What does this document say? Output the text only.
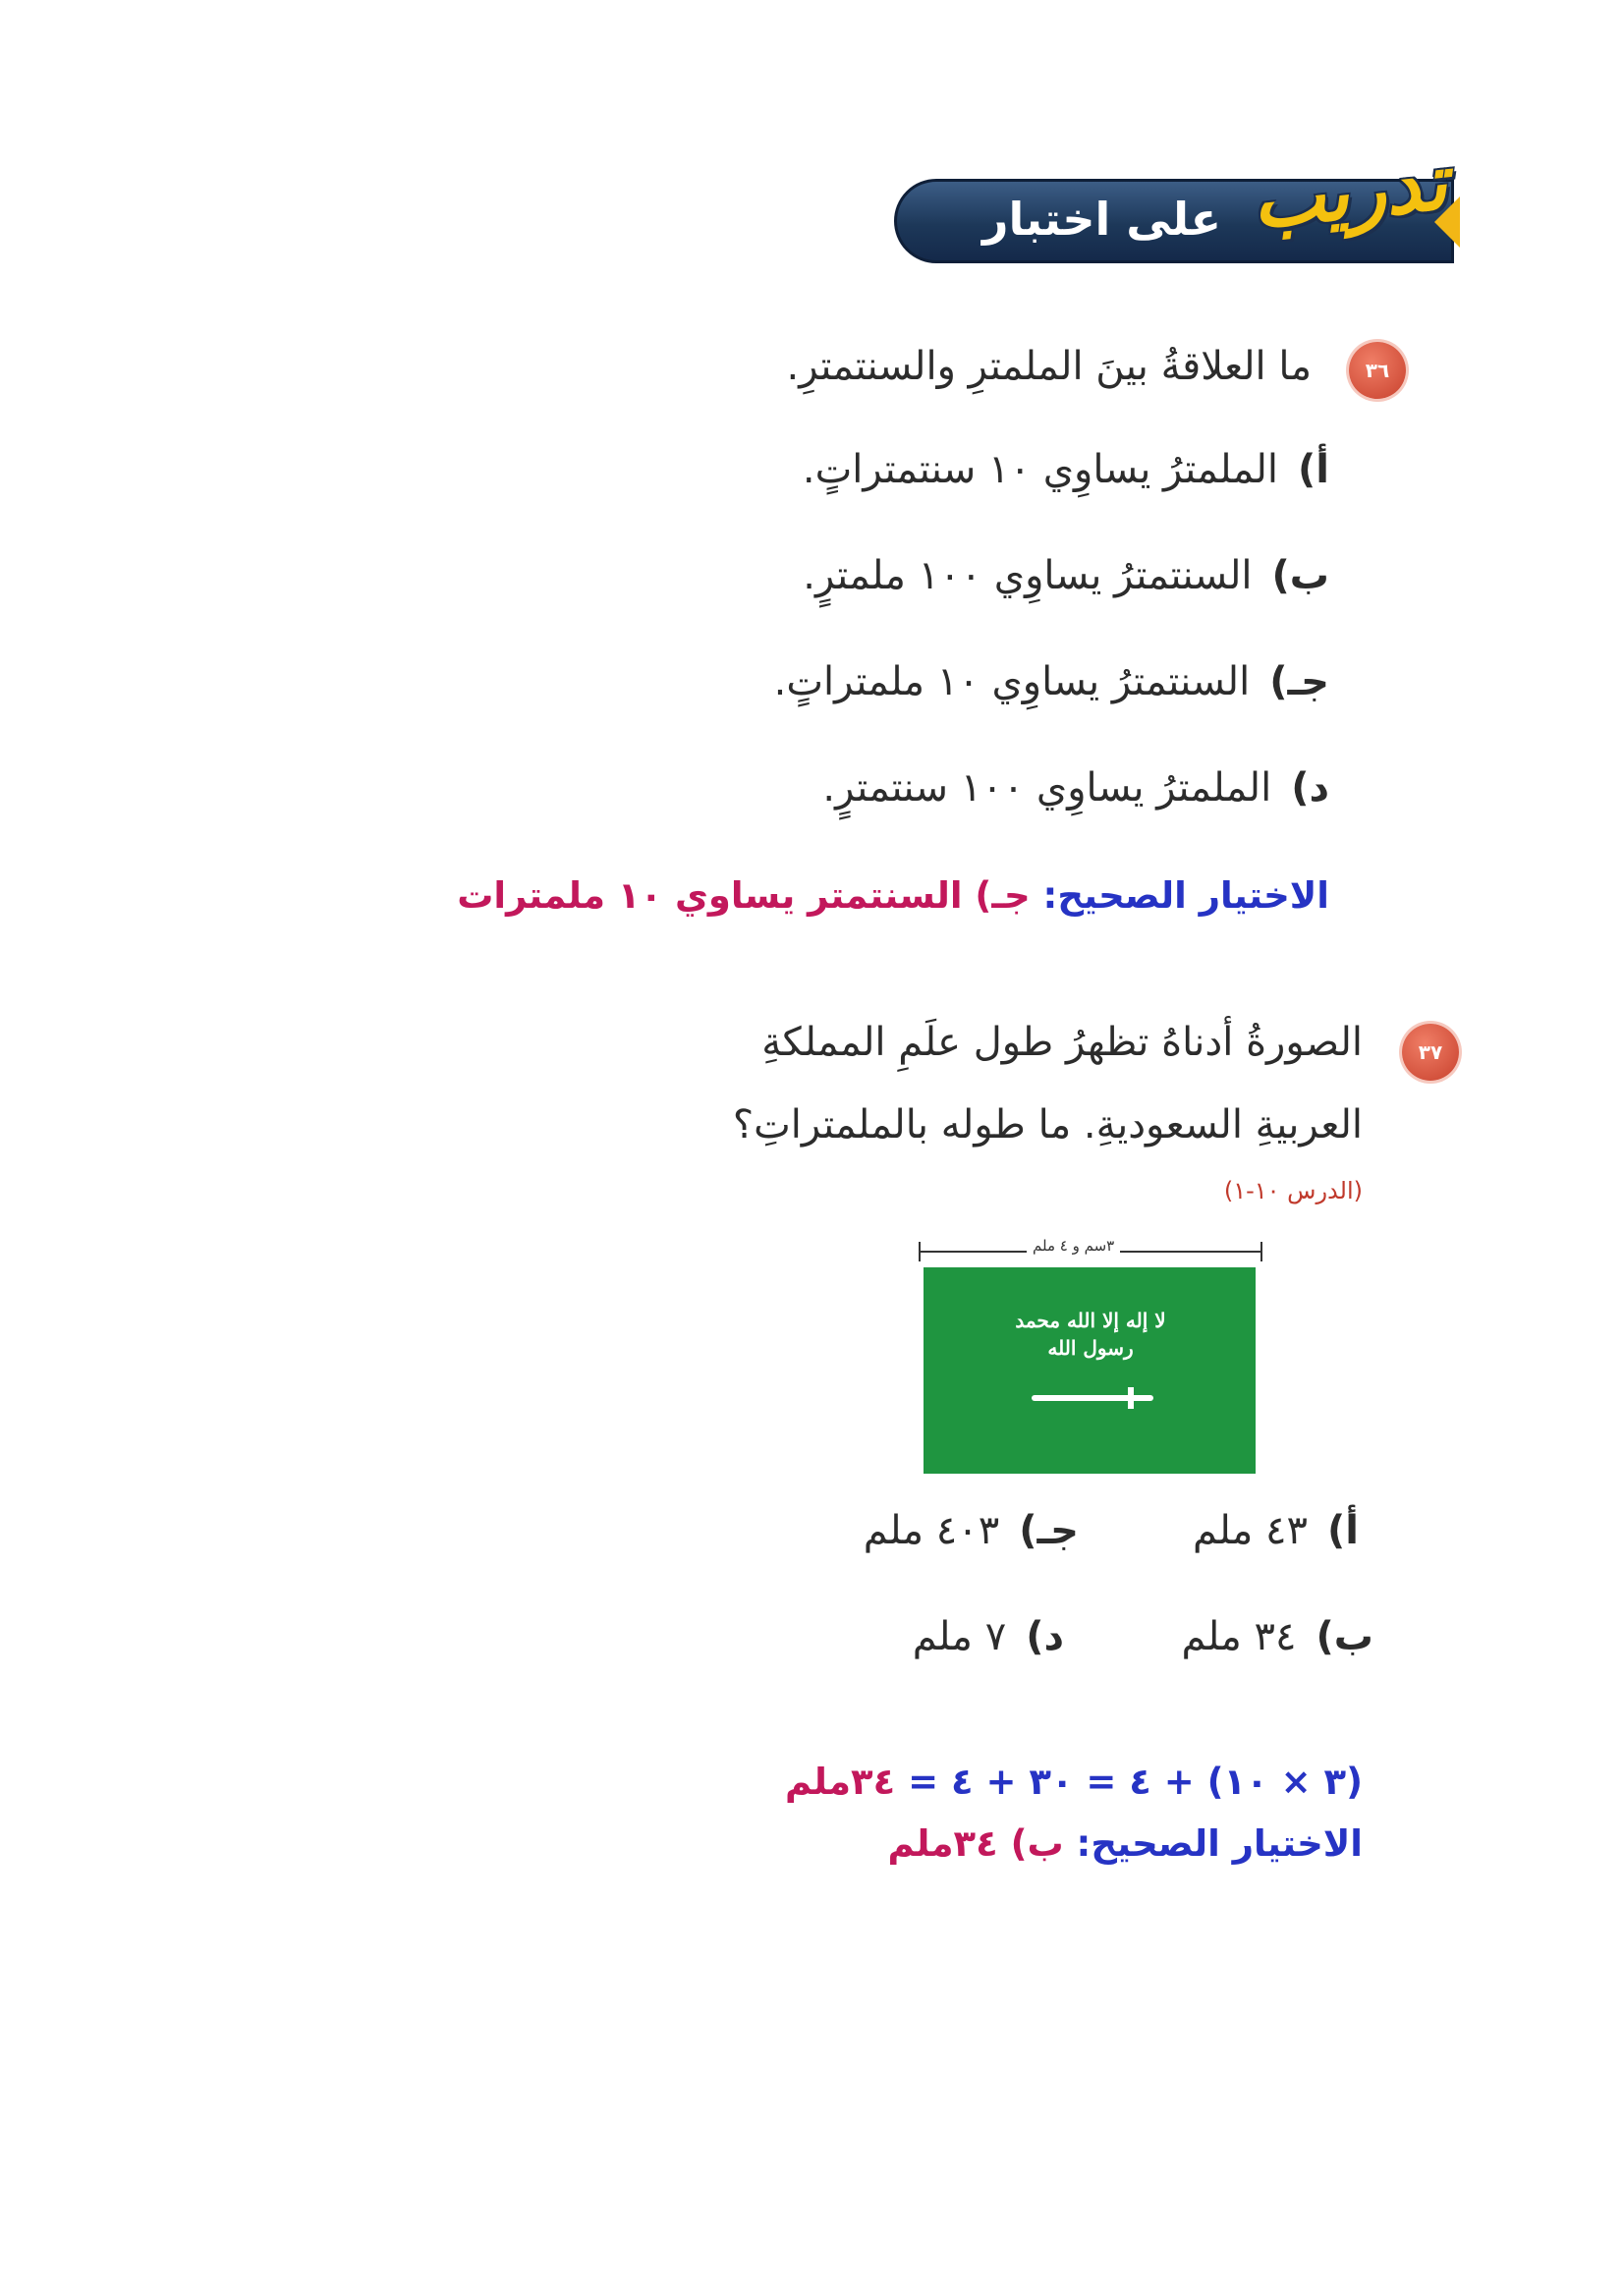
تدريب
على اختبار
٣٦
ما العلاقةُ بينَ الملمترِ والسنتمترِ.
أ)
الملمترُ يساوِي ١٠ سنتمتراتٍ.
ب)
السنتمترُ يساوِي ١٠٠ ملمترٍ.
جـ)
السنتمترُ يساوِي ١٠ ملمتراتٍ.
د)
الملمترُ يساوِي ١٠٠ سنتمترٍ.
الاختيار الصحيح: جـ) السنتمتر يساوي ١٠ ملمترات
٣٧
الصورةُ أدناهُ تظهرُ طول علَمِ المملكةِ
العربيةِ السعوديةِ. ما طوله بالملمتراتِ؟
(الدرس ١٠-١)
٣سم و ٤ ملم
لا إله إلا الله محمد رسول الله
أ)
٤٣ ملم
جـ)
٤٠٣ ملم
ب)
٣٤ ملم
د)
٧ ملم
(٣ × ١٠) + ٤ = ٣٠ + ٤ = ٣٤ملم
الاختيار الصحيح: ب) ٣٤ملم
